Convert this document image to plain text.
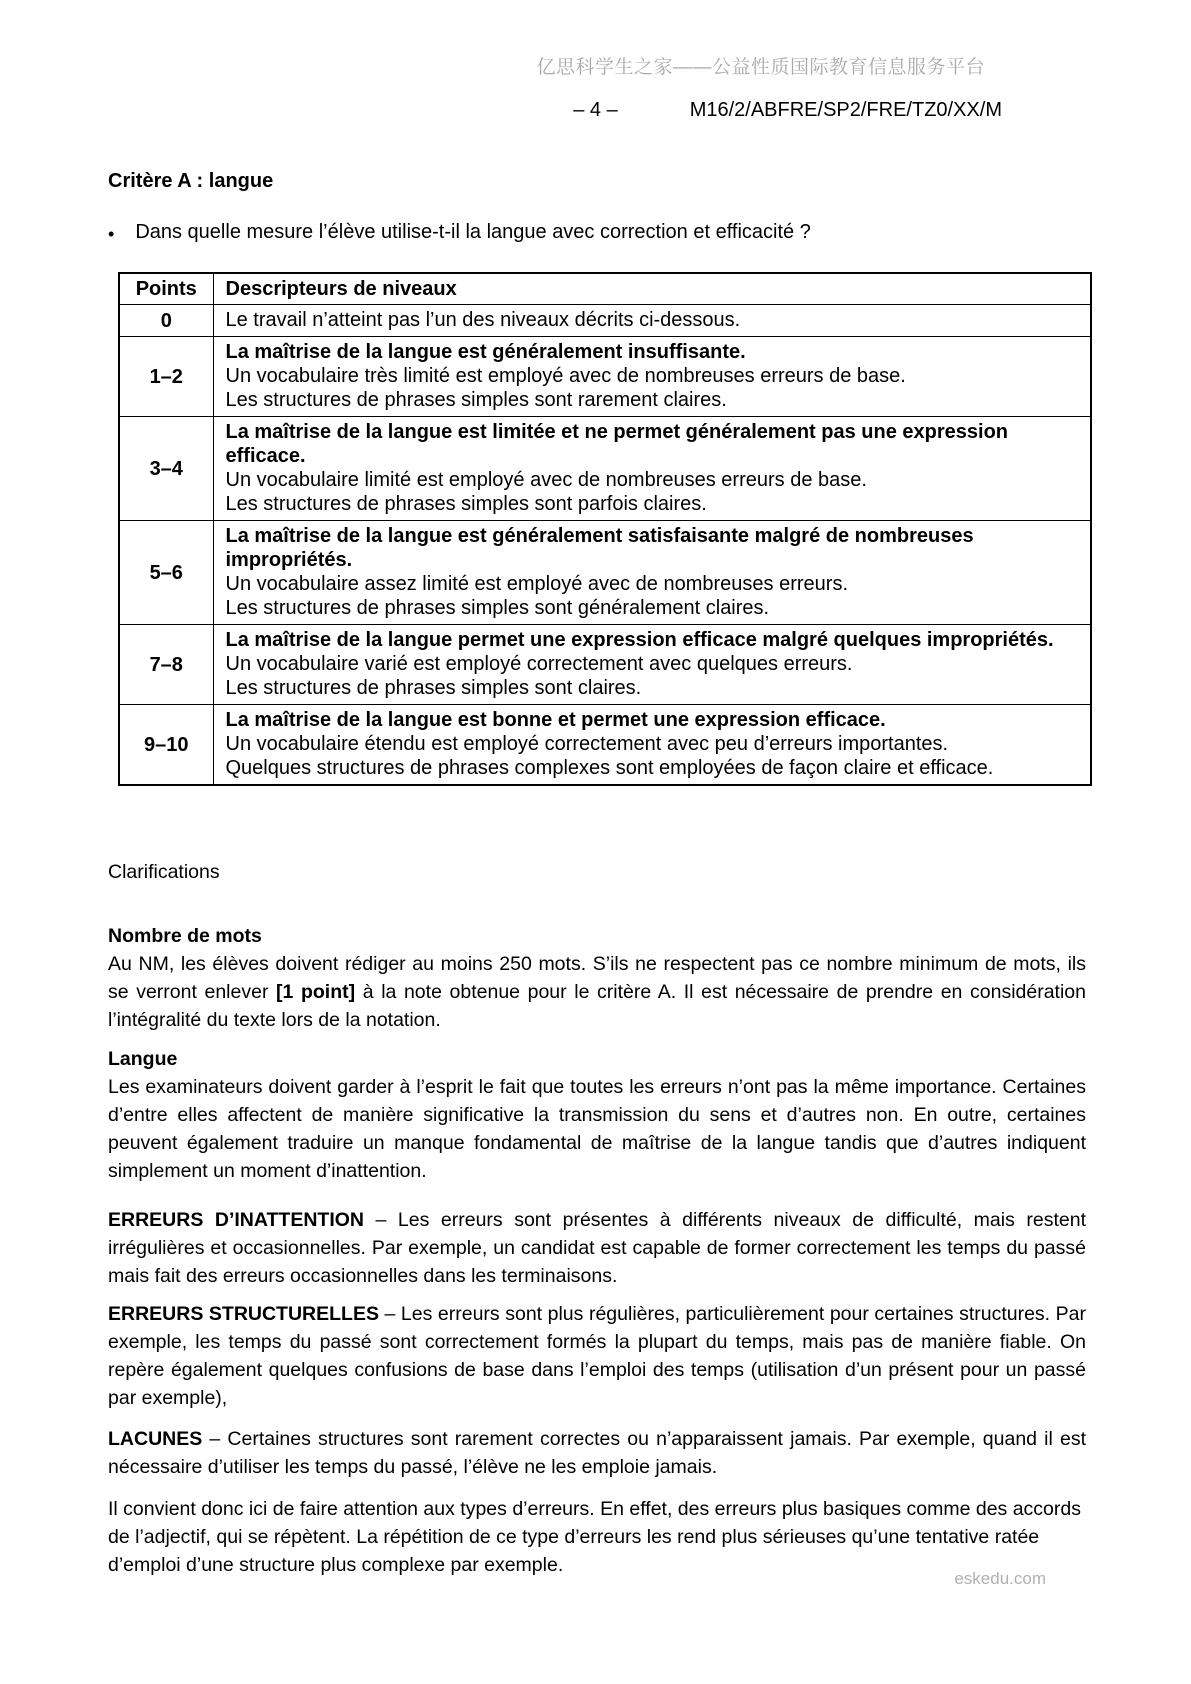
亿思科学生之家——公益性质国际教育信息服务平台
– 4 –	M16/2/ABFRE/SP2/FRE/TZ0/XX/M
Critère A : langue
• Dans quelle mesure l’élève utilise-t-il la langue avec correction et efficacité ?
Points	Descripteurs de niveaux
0	Le travail n’atteint pas l’un des niveaux décrits ci-dessous.

1–2	La maîtrise de la langue est généralement insuffisante.
Un vocabulaire très limité est employé avec de nombreuses erreurs de base.
Les structures de phrases simples sont rarement claires.

3–4	La maîtrise de la langue est limitée et ne permet généralement pas une expression efficace.
Un vocabulaire limité est employé avec de nombreuses erreurs de base.
Les structures de phrases simples sont parfois claires.

5–6	La maîtrise de la langue est généralement satisfaisante malgré de nombreuses impropriétés.
Un vocabulaire assez limité est employé avec de nombreuses erreurs.
Les structures de phrases simples sont généralement claires.

7–8	La maîtrise de la langue permet une expression efficace malgré quelques impropriétés.
Un vocabulaire varié est employé correctement avec quelques erreurs.
Les structures de phrases simples sont claires.

9–10	La maîtrise de la langue est bonne et permet une expression efficace.
Un vocabulaire étendu est employé correctement avec peu d’erreurs importantes.
Quelques structures de phrases complexes sont employées de façon claire et efficace.
Clarifications
Nombre de mots
Au NM, les élèves doivent rédiger au moins 250 mots. S’ils ne respectent pas ce nombre minimum de mots, ils se verront enlever [1 point] à la note obtenue pour le critère A. Il est nécessaire de prendre en considération l’intégralité du texte lors de la notation.
Langue
Les examinateurs doivent garder à l’esprit le fait que toutes les erreurs n’ont pas la même importance. Certaines d’entre elles affectent de manière significative la transmission du sens et d’autres non. En outre, certaines peuvent également traduire un manque fondamental de maîtrise de la langue tandis que d’autres indiquent simplement un moment d’inattention.
ERREURS D’INATTENTION – Les erreurs sont présentes à différents niveaux de difficulté, mais restent irrégulières et occasionnelles. Par exemple, un candidat est capable de former correctement les temps du passé mais fait des erreurs occasionnelles dans les terminaisons.
ERREURS STRUCTURELLES – Les erreurs sont plus régulières, particulièrement pour certaines structures. Par exemple, les temps du passé sont correctement formés la plupart du temps, mais pas de manière fiable. On repère également quelques confusions de base dans l’emploi des temps (utilisation d’un présent pour un passé par exemple),
LACUNES – Certaines structures sont rarement correctes ou n’apparaissent jamais. Par exemple, quand il est nécessaire d’utiliser les temps du passé, l’élève ne les emploie jamais.
Il convient donc ici de faire attention aux types d’erreurs. En effet, des erreurs plus basiques comme des accords de l’adjectif, qui se répètent. La répétition de ce type d’erreurs les rend plus sérieuses qu’une tentative ratée d’emploi d’une structure plus complexe par exemple.
eskedu.com
